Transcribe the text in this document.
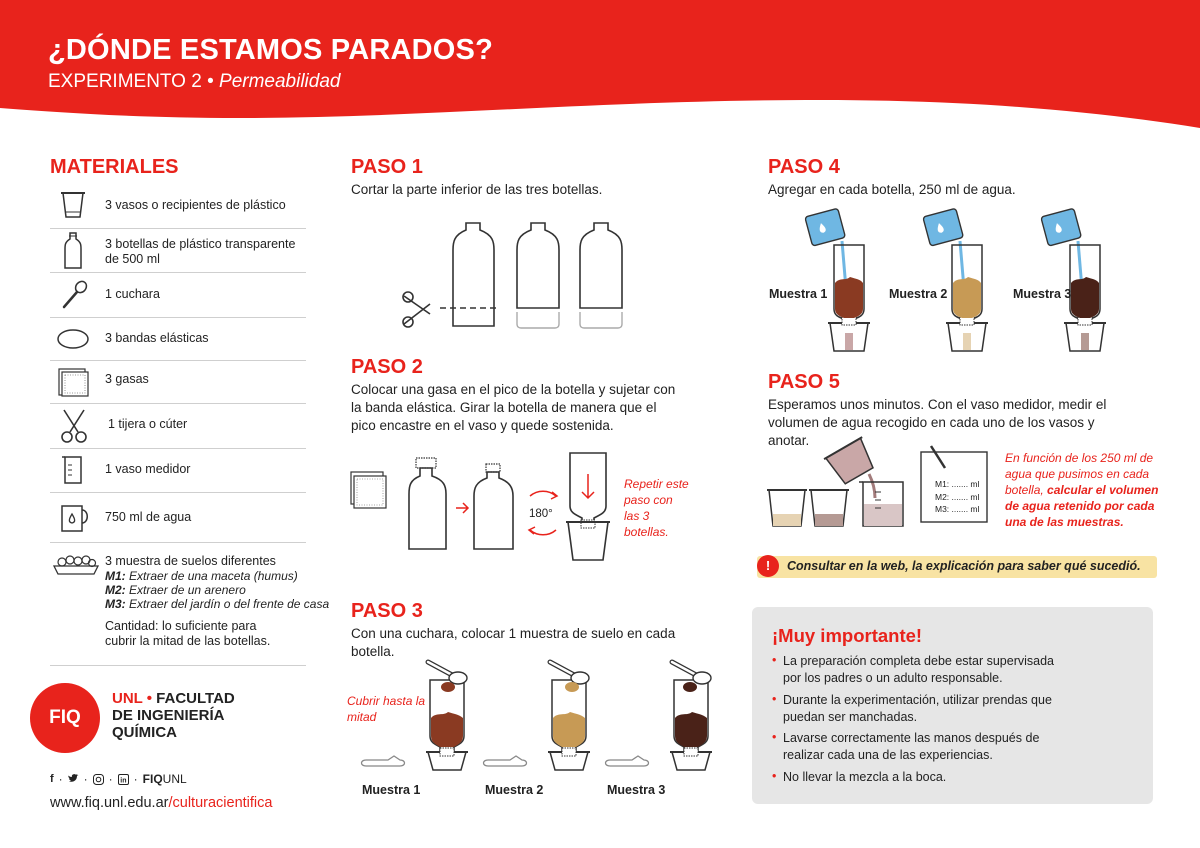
¿DÓNDE ESTAMOS PARADOS?
EXPERIMENTO 2 • Permeabilidad
MATERIALES
3 vasos o recipientes de plástico
3 botellas de plástico transparente de 500 ml
1 cuchara
3 bandas elásticas
3 gasas
1 tijera o cúter
1 vaso medidor
750 ml de agua
3 muestra de suelos diferentes
M1: Extraer de una maceta (humus)
M2: Extraer de un arenero
M3: Extraer del jardín o del frente de casa
Cantidad: lo suficiente para cubrir la mitad de las botellas.
FIQ
UNL • FACULTAD
DE INGENIERÍA
QUÍMICA
f · · · in · FIQUNL
www.fiq.unl.edu.ar/culturacientifica
PASO 1
Cortar la parte inferior de las tres botellas.
PASO 2
Colocar una gasa en el pico de la botella y sujetar con la banda elástica. Girar la botella de manera que el pico encastre en el vaso y quede sostenida.
180°
Repetir este paso con las 3 botellas.
PASO 3
Con una cuchara, colocar 1 muestra de suelo en cada botella.
Cubrir hasta la mitad
Muestra 1	Muestra 2	Muestra 3
PASO 4
Agregar en cada botella, 250 ml de agua.
Muestra 1	Muestra 2	Muestra 3
PASO 5
Esperamos unos minutos. Con el vaso medidor, medir el volumen de agua recogido en cada uno de los vasos y anotar.
M1: ....... ml
M2: ....... ml
M3: ....... ml
En función de los 250 ml de agua que pusimos en cada botella, calcular el volumen de agua retenido por cada una de las muestras.
!	Consultar en la web, la explicación para saber qué sucedió.
¡Muy importante!
• La preparación completa debe estar supervisada por los padres o un adulto responsable.
• Durante la experimentación, utilizar prendas que puedan ser manchadas.
• Lavarse correctamente las manos después de realizar cada una de las experiencias.
• No llevar la mezcla a la boca.
